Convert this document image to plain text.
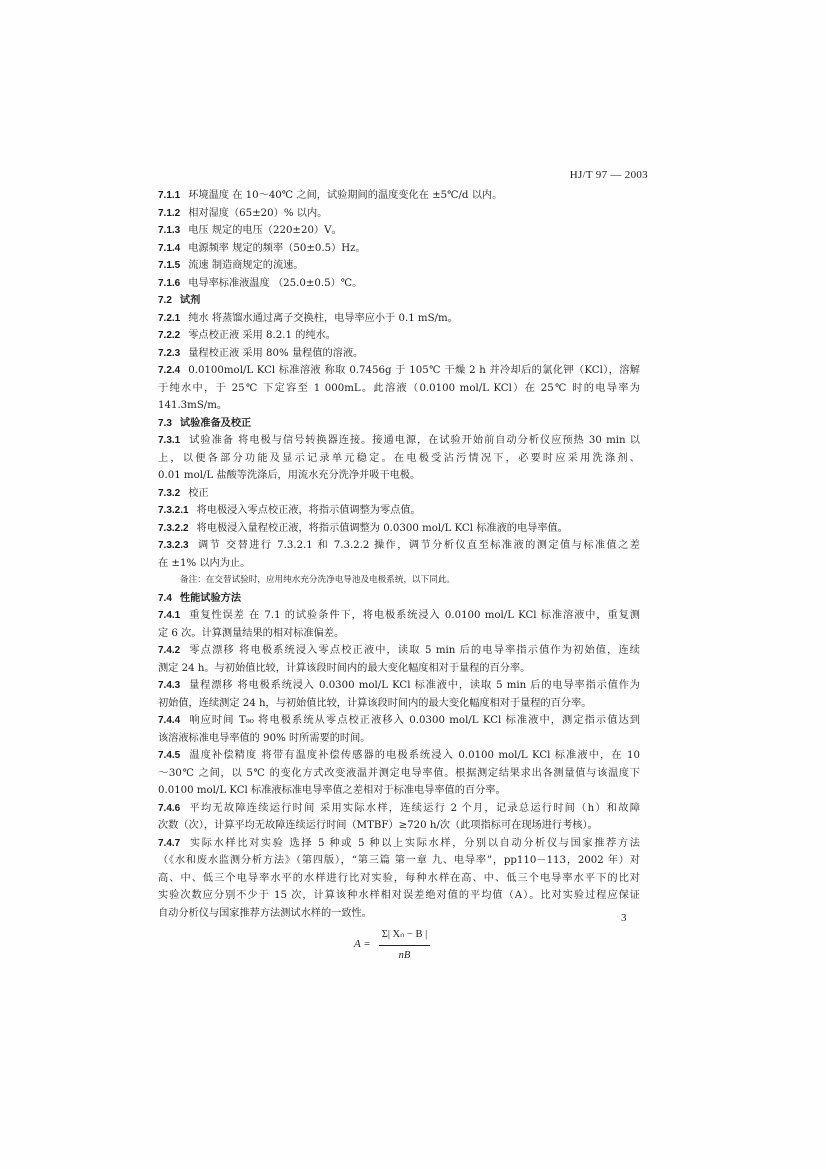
HJ/T 97 — 2003
7.1.1 环境温度 在 10～40℃ 之间，试验期间的温度变化在 ±5℃/d 以内。
7.1.2 相对湿度（65±20）% 以内。
7.1.3 电压 规定的电压（220±20）V。
7.1.4 电源频率 规定的频率（50±0.5）Hz。
7.1.5 流速 制造商规定的流速。
7.1.6 电导率标准液温度 （25.0±0.5）℃。
7.2 试剂
7.2.1 纯水 将蒸馏水通过离子交换柱，电导率应小于 0.1 mS/m。
7.2.2 零点校正液 采用 8.2.1 的纯水。
7.2.3 量程校正液 采用 80% 量程值的溶液。
7.2.4 0.0100mol/L KCl 标准溶液 称取 0.7456g 于 105℃ 干燥 2 h 并冷却后的氯化钾（KCl），溶解
于纯水中，于 25℃ 下定容至 1 000mL。此溶液（0.0100 mol/L KCl）在 25℃ 时的电导率为
141.3mS/m。
7.3 试验准备及校正
7.3.1 试验准备 将电极与信号转换器连接。接通电源，在试验开始前自动分析仪应预热 30 min 以
上，以便各部分功能及显示记录单元稳定。在电极受沾污情况下，必要时应采用洗涤剂、
0.01 mol/L 盐酸等洗涤后，用流水充分洗净并吸干电极。
7.3.2 校正
7.3.2.1 将电极浸入零点校正液，将指示值调整为零点值。
7.3.2.2 将电极浸入量程校正液，将指示值调整为 0.0300 mol/L KCl 标准液的电导率值。
7.3.2.3 调节 交替进行 7.3.2.1 和 7.3.2.2 操作，调节分析仪直至标准液的测定值与标准值之差
在 ±1% 以内为止。
备注：在交替试验时，应用纯水充分洗净电导池及电极系统，以下同此。
7.4 性能试验方法
7.4.1 重复性误差 在 7.1 的试验条件下，将电极系统浸入 0.0100 mol/L KCl 标准溶液中，重复测
定 6 次。计算测量结果的相对标准偏差。
7.4.2 零点漂移 将电极系统浸入零点校正液中，读取 5 min 后的电导率指示值作为初始值，连续
测定 24 h。与初始值比较，计算该段时间内的最大变化幅度相对于量程的百分率。
7.4.3 量程漂移 将电极系统浸入 0.0300 mol/L KCl 标准液中，读取 5 min 后的电导率指示值作为
初始值，连续测定 24 h，与初始值比较，计算该段时间内的最大变化幅度相对于量程的百分率。
7.4.4 响应时间 T₉₀ 将电极系统从零点校正液移入 0.0300 mol/L KCl 标准液中，测定指示值达到
该溶液标准电导率值的 90% 时所需要的时间。
7.4.5 温度补偿精度 将带有温度补偿传感器的电极系统浸入 0.0100 mol/L KCl 标准液中，在 10
～30℃ 之间，以 5℃ 的变化方式改变液温并测定电导率值。根据测定结果求出各测量值与该温度下
0.0100 mol/L KCl 标准液标准电导率值之差相对于标准电导率值的百分率。
7.4.6 平均无故障连续运行时间 采用实际水样，连续运行 2 个月，记录总运行时间（h）和故障
次数（次），计算平均无故障连续运行时间（MTBF）≥720 h/次（此项指标可在现场进行考核）。
7.4.7 实际水样比对实验 选择 5 种或 5 种以上实际水样，分别以自动分析仪与国家推荐方法
（《水和废水监测分析方法》（第四版），“第三篇 第一章 九、电导率”，pp110－113，2002 年）对
高、中、低三个电导率水平的水样进行比对实验，每种水样在高、中、低三个电导率水平下的比对
实验次数应分别不少于 15 次，计算该种水样相对误差绝对值的平均值（A）。比对实验过程应保证
自动分析仪与国家推荐方法测试水样的一致性。
$A = \frac{\text{Σ| Xₙ − B |}}{nB}$
3
